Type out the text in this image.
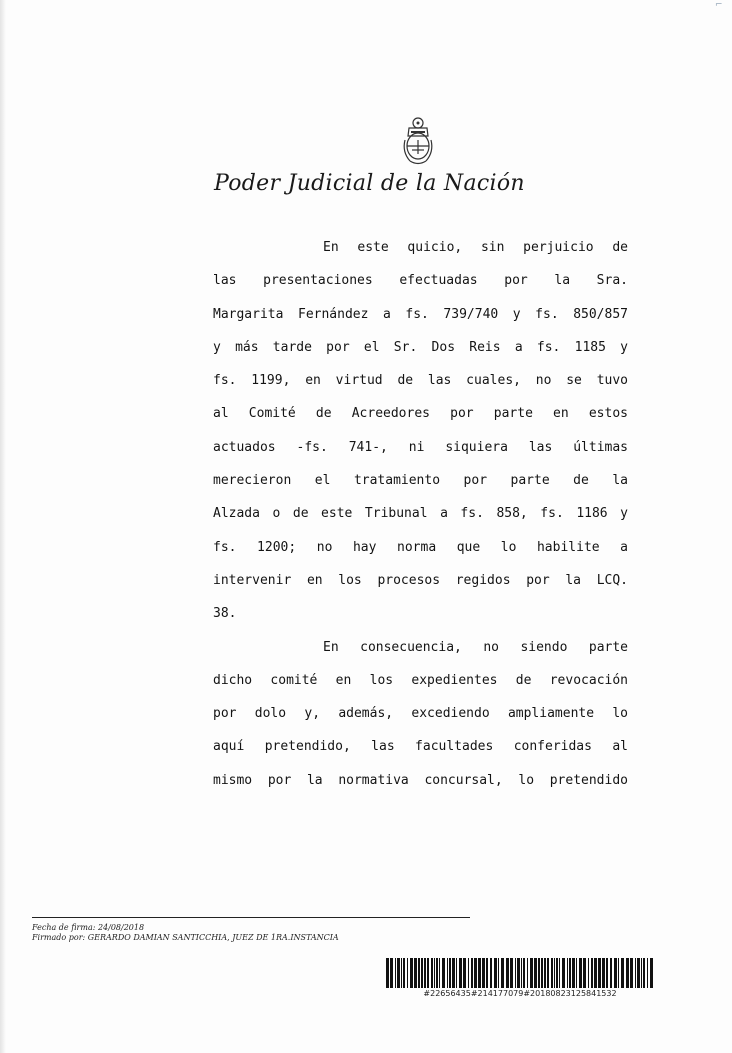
⌐
Poder Judicial de la Nación
En este quicio, sin perjuicio de
las presentaciones efectuadas por la Sra.
Margarita Fernández a fs. 739/740 y fs. 850/857
y más tarde por el Sr. Dos Reis a fs. 1185 y
fs. 1199, en virtud de las cuales, no se tuvo
al Comité de Acreedores por parte en estos
actuados -fs. 741-, ni siquiera las últimas
merecieron el tratamiento por parte de la
Alzada o de este Tribunal a fs. 858, fs. 1186 y
fs. 1200; no hay norma que lo habilite a
intervenir en los procesos regidos por la LCQ.
38.
En consecuencia, no siendo parte
dicho comité en los expedientes de revocación
por dolo y, además, excediendo ampliamente lo
aquí pretendido, las facultades conferidas al
mismo por la normativa concursal, lo pretendido
Fecha de firma: 24/08/2018
Firmado por: GERARDO DAMIAN SANTICCHIA, JUEZ DE 1RA.INSTANCIA
#22656435#214177079#20180823125841532
